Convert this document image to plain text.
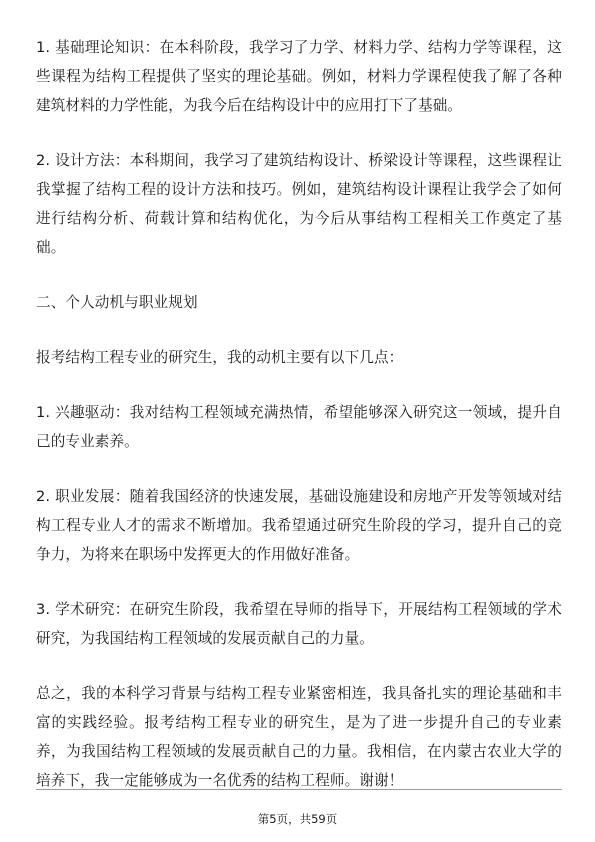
1. 基础理论知识：在本科阶段，我学习了力学、材料力学、结构力学等课程，这些课程为结构工程提供了坚实的理论基础。例如，材料力学课程使我了解了各种建筑材料的力学性能，为我今后在结构设计中的应用打下了基础。

2. 设计方法：本科期间，我学习了建筑结构设计、桥梁设计等课程，这些课程让我掌握了结构工程的设计方法和技巧。例如，建筑结构设计课程让我学会了如何进行结构分析、荷载计算和结构优化，为今后从事结构工程相关工作奠定了基础。

二、个人动机与职业规划

报考结构工程专业的研究生，我的动机主要有以下几点：

1. 兴趣驱动：我对结构工程领域充满热情，希望能够深入研究这一领域，提升自己的专业素养。

2. 职业发展：随着我国经济的快速发展，基础设施建设和房地产开发等领域对结构工程专业人才的需求不断增加。我希望通过研究生阶段的学习，提升自己的竞争力，为将来在职场中发挥更大的作用做好准备。

3. 学术研究：在研究生阶段，我希望在导师的指导下，开展结构工程领域的学术研究，为我国结构工程领域的发展贡献自己的力量。

总之，我的本科学习背景与结构工程专业紧密相连，我具备扎实的理论基础和丰富的实践经验。报考结构工程专业的研究生，是为了进一步提升自己的专业素养，为我国结构工程领域的发展贡献自己的力量。我相信，在内蒙古农业大学的培养下，我一定能够成为一名优秀的结构工程师。谢谢！

第5页，共59页
